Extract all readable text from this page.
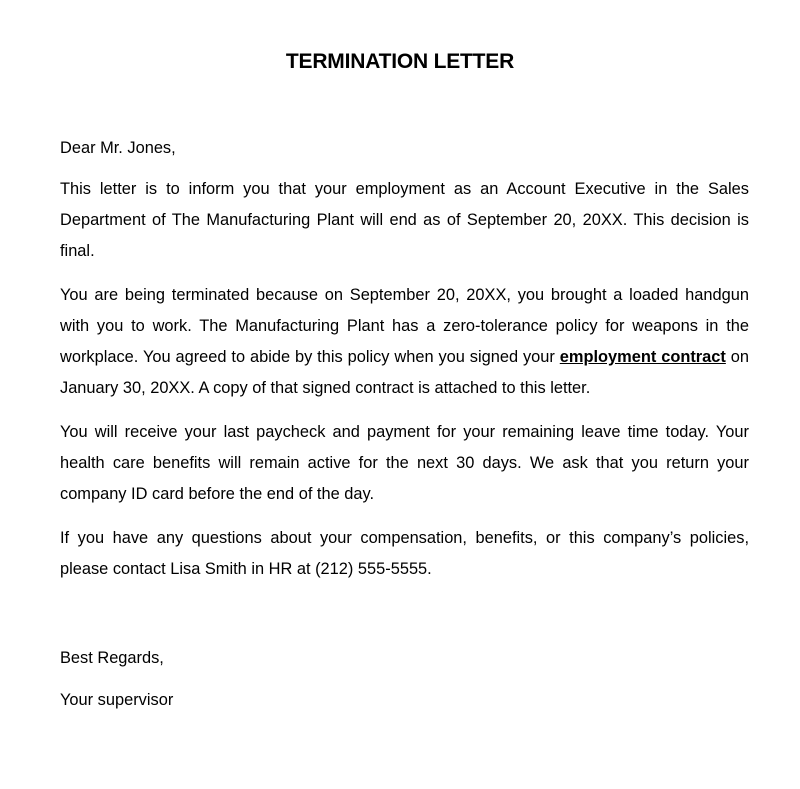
TERMINATION LETTER

Dear Mr. Jones,

This letter is to inform you that your employment as an Account Executive in the Sales Department of The Manufacturing Plant will end as of September 20, 20XX. This decision is final.

You are being terminated because on September 20, 20XX, you brought a loaded handgun with you to work. The Manufacturing Plant has a zero-tolerance policy for weapons in the workplace. You agreed to abide by this policy when you signed your employment contract on January 30, 20XX. A copy of that signed contract is attached to this letter.

You will receive your last paycheck and payment for your remaining leave time today. Your health care benefits will remain active for the next 30 days. We ask that you return your company ID card before the end of the day.

If you have any questions about your compensation, benefits, or this company’s policies, please contact Lisa Smith in HR at (212) 555-5555.

Best Regards,

Your supervisor
